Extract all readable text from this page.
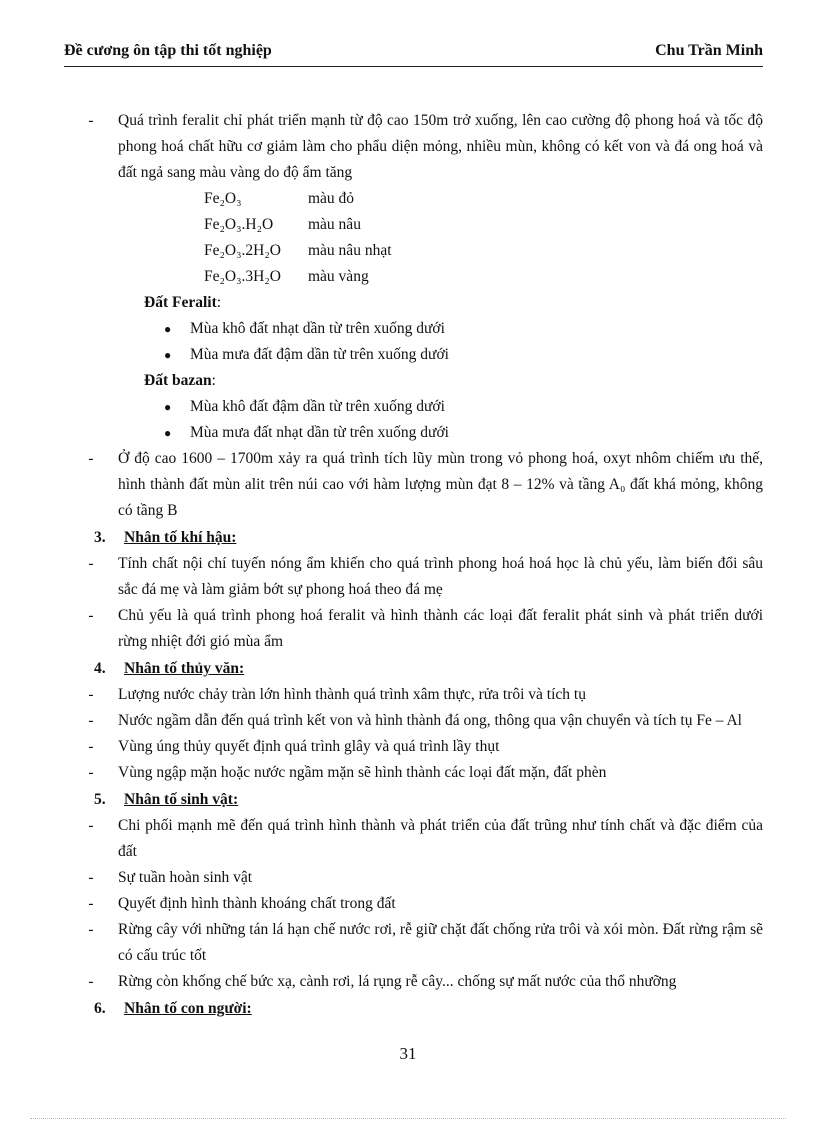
Đề cương ôn tập thi tốt nghiệp	Chu Trần Minh
-	Quá trình feralit chỉ phát triển mạnh từ độ cao 150m trở xuống, lên cao cường độ phong hoá và tốc độ phong hoá chất hữu cơ giảm làm cho phẩu diện mỏng, nhiều mùn, không có kết von và đá ong hoá và đất ngả sang màu vàng do độ ẩm tăng
Fe₂O₃	màu đỏ
Fe₂O₃.H₂O	màu nâu
Fe₂O₃.2H₂O	màu nâu nhạt
Fe₂O₃.3H₂O	màu vàng
Đất Feralit:
●	Mùa khô đất nhạt dần từ trên xuống dưới
●	Mùa mưa đất đậm dần từ trên xuống dưới
Đất bazan:
●	Mùa khô đất đậm dần từ trên xuống dưới
●	Mùa mưa đất nhạt dần từ trên xuống dưới
-	Ở độ cao 1600 – 1700m xảy ra quá trình tích lũy mùn trong vỏ phong hoá, oxyt nhôm chiếm ưu thế, hình thành đất mùn alit trên núi cao với hàm lượng mùn đạt 8 – 12% và tầng A₀ đất khá mỏng, không có tầng B
3.	Nhân tố khí hậu:
-	Tính chất nội chí tuyến nóng ẩm khiến cho quá trình phong hoá hoá học là chủ yếu, làm biến đổi sâu sắc đá mẹ và làm giảm bớt sự phong hoá theo đá mẹ
-	Chủ yếu là quá trình phong hoá feralit và hình thành các loại đất feralit phát sinh và phát triển dưới rừng nhiệt đới gió mùa ẩm
4.	Nhân tố thủy văn:
-	Lượng nước chảy tràn lớn hình thành quá trình xâm thực, rửa trôi và tích tụ
-	Nước ngầm dẫn đến quá trình kết von và hình thành đá ong, thông qua vận chuyển và tích tụ Fe – Al
-	Vùng úng thủy quyết định quá trình glây và quá trình lầy thụt
-	Vùng ngập mặn hoặc nước ngầm mặn sẽ hình thành các loại đất mặn, đất phèn
5.	Nhân tố sinh vật:
-	Chi phối mạnh mẽ đến quá trình hình thành và phát triển của đất trũng như tính chất và đặc điểm của đất
-	Sự tuần hoàn sinh vật
-	Quyết định hình thành khoáng chất trong đất
-	Rừng cây với những tán lá hạn chế nước rơi, rễ giữ chặt đất chống rửa trôi và xói mòn. Đất rừng rậm sẽ có cấu trúc tốt
-	Rừng còn khống chế bức xạ, cành rơi, lá rụng rễ cây... chống sự mất nước của thổ nhưỡng
6.	Nhân tố con người:
31
